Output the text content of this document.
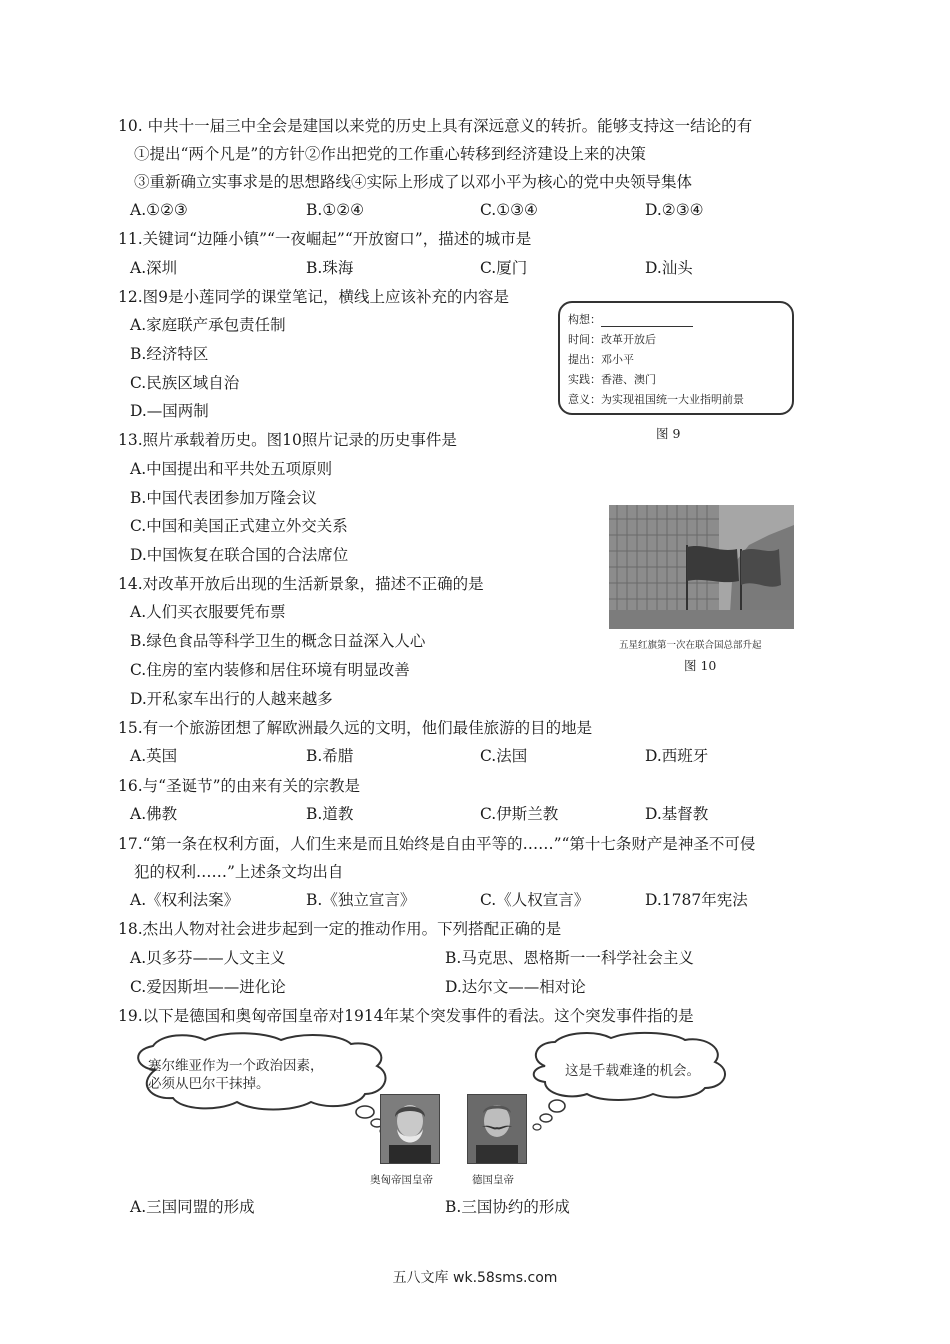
10. 中共十一届三中全会是建国以来党的历史上具有深远意义的转折。能够支持这一结论的有
①提出“两个凡是”的方针②作出把党的工作重心转移到经济建设上来的决策
③重新确立实事求是的思想路线④实际上形成了以邓小平为核心的党中央领导集体
A.①②③	B.①②④	C.①③④	D.②③④
11.关键词“边陲小镇”“一夜崛起”“开放窗口”，描述的城市是
A.深圳	B.珠海	C.厦门	D.汕头
12.图9是小莲同学的课堂笔记，横线上应该补充的内容是
A.家庭联产承包责任制
B.经济特区
C.民族区域自治
D.—国两制
构想：
时间：改革开放后
提出：邓小平
实践：香港、澳门
意义：为实现祖国统一大业指明前景
图 9
13.照片承载着历史。图10照片记录的历史事件是
A.中国提出和平共处五项原则
B.中国代表团参加万隆会议
C.中国和美国正式建立外交关系
D.中国恢复在联合国的合法席位
五星红旗第一次在联合国总部升起
图 10
14.对改革开放后出现的生活新景象，描述不正确的是
A.人们买衣服要凭布票
B.绿色食品等科学卫生的概念日益深入人心
C.住房的室内装修和居住环境有明显改善
D.开私家车出行的人越来越多
15.有一个旅游团想了解欧洲最久远的文明，他们最佳旅游的目的地是
A.英国	B.希腊	C.法国	D.西班牙
16.与“圣诞节”的由来有关的宗教是
A.佛教	B.道教	C.伊斯兰教	D.基督教
17.“第一条在权利方面，人们生来是而且始终是自由平等的……”“第十七条财产是神圣不可侵
犯的权利……”上述条文均出自
A.《权利法案》	B.《独立宣言》	C.《人权宣言》	D.1787年宪法
18.杰出人物对社会进步起到一定的推动作用。下列搭配正确的是
A.贝多芬——人文主义	B.马克思、恩格斯一一科学社会主义
C.爱因斯坦——进化论	D.达尔文——相对论
19.以下是德国和奥匈帝国皇帝对1914年某个突发事件的看法。这个突发事件指的是
塞尔维亚作为一个政治因素，
必须从巴尔干抹掉。
这是千载难逢的机会。
奥匈帝国皇帝	德国皇帝
A.三国同盟的形成	B.三国协约的形成
五八文库 wk.58sms.com
